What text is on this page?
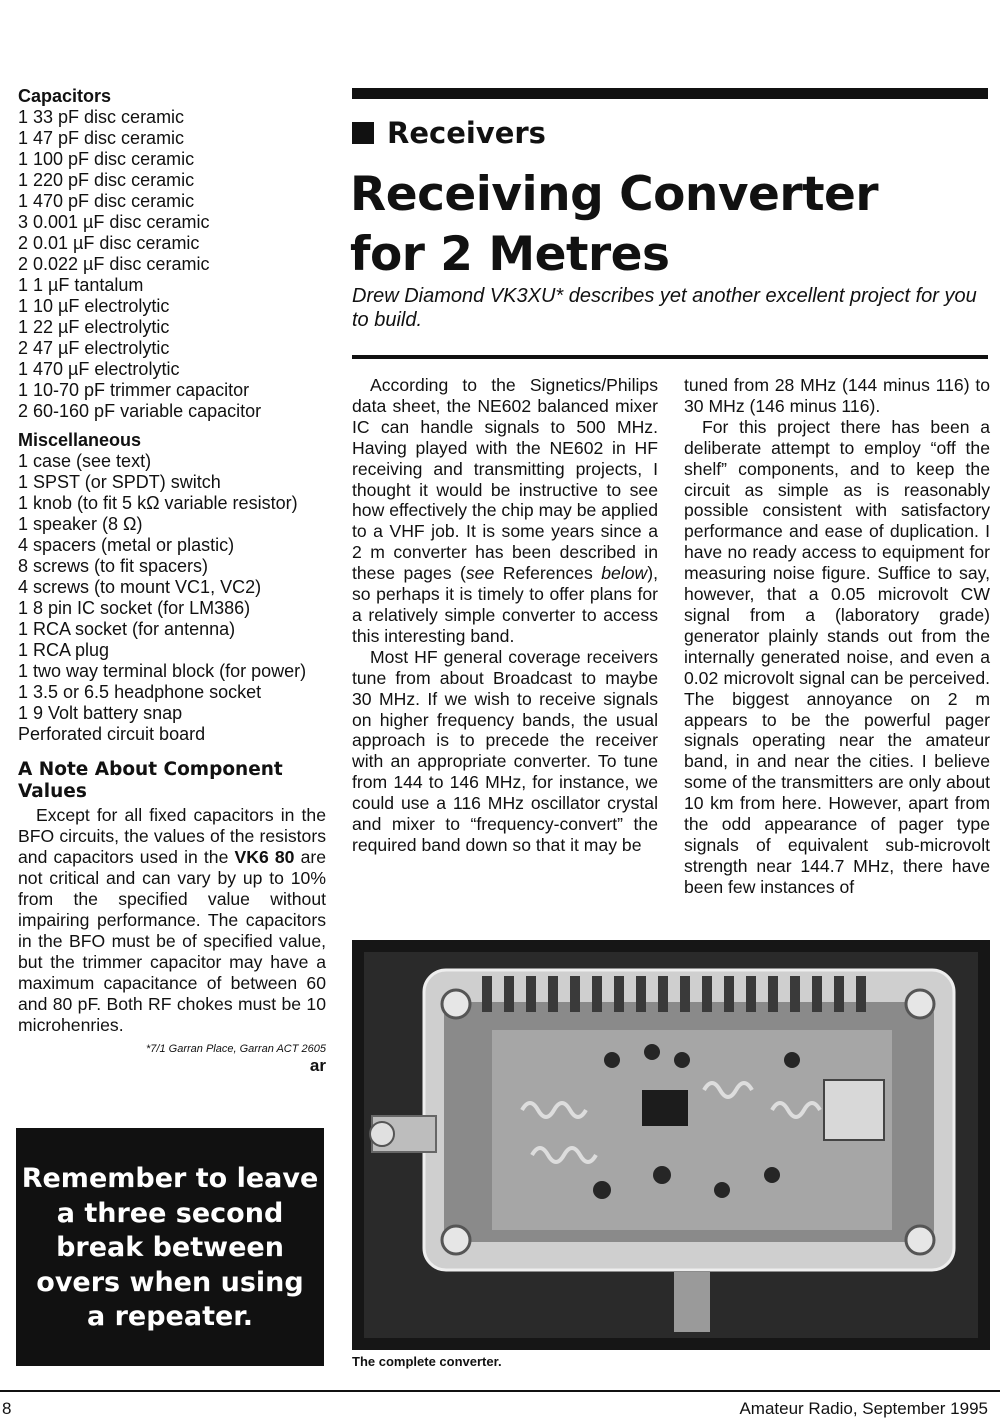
Capacitors
1 33 pF disc ceramic
1 47 pF disc ceramic
1 100 pF disc ceramic
1 220 pF disc ceramic
1 470 pF disc ceramic
3 0.001 µF disc ceramic
2 0.01 µF disc ceramic
2 0.022 µF disc ceramic
1 1 µF tantalum
1 10 µF electrolytic
1 22 µF electrolytic
2 47 µF electrolytic
1 470 µF electrolytic
1 10-70 pF trimmer capacitor
2 60-160 pF variable capacitor
Miscellaneous
1 case (see text)
1 SPST (or SPDT) switch
1 knob (to fit 5 kΩ variable resistor)
1 speaker (8 Ω)
4 spacers (metal or plastic)
8 screws (to fit spacers)
4 screws (to mount VC1, VC2)
1 8 pin IC socket (for LM386)
1 RCA socket (for antenna)
1 RCA plug
1 two way terminal block (for power)
1 3.5 or 6.5 headphone socket
1 9 Volt battery snap
Perforated circuit board
A Note About Component Values

Except for all fixed capacitors in the BFO circuits, the values of the resistors and capacitors used in the VK6 80 are not critical and can vary by up to 10% from the specified value without impairing performance. The capacitors in the BFO must be of specified value, but the trimmer capacitor may have a maximum capacitance of between 60 and 80 pF. Both RF chokes must be 10 microhenries.

*7/1 Garran Place, Garran ACT 2605
ar
Remember to leave
a three second
break between
overs when using
a repeater.
Receivers
Receiving Converter
for 2 Metres

Drew Diamond VK3XU* describes yet another excellent project for you to build.

According to the Signetics/Philips data sheet, the NE602 balanced mixer IC can handle signals to 500 MHz. Having played with the NE602 in HF receiving and transmitting projects, I thought it would be instructive to see how effectively the chip may be applied to a VHF job. It is some years since a 2 m converter has been described in these pages (see References below), so perhaps it is timely to offer plans for a relatively simple converter to access this interesting band.

Most HF general coverage receivers tune from about Broadcast to maybe 30 MHz. If we wish to receive signals on higher frequency bands, the usual approach is to precede the receiver with an appropriate converter. To tune from 144 to 146 MHz, for instance, we could use a 116 MHz oscillator crystal and mixer to “frequency-convert” the required band down so that it may be

tuned from 28 MHz (144 minus 116) to 30 MHz (146 minus 116).

For this project there has been a deliberate attempt to employ “off the shelf” components, and to keep the circuit as simple as is reasonably possible consistent with satisfactory performance and ease of duplication. I have no ready access to equipment for measuring noise figure. Suffice to say, however, that a 0.05 microvolt CW signal from a (laboratory grade) generator plainly stands out from the internally generated noise, and even a 0.02 microvolt signal can be perceived. The biggest annoyance on 2 m appears to be the powerful pager signals operating near the amateur band, in and near the cities. I believe some of the transmitters are only about 10 km from here. However, apart from the odd appearance of pager type signals of equivalent sub-microvolt strength near 144.7 MHz, there have been few instances of

The complete converter.
8	Amateur Radio, September 1995
